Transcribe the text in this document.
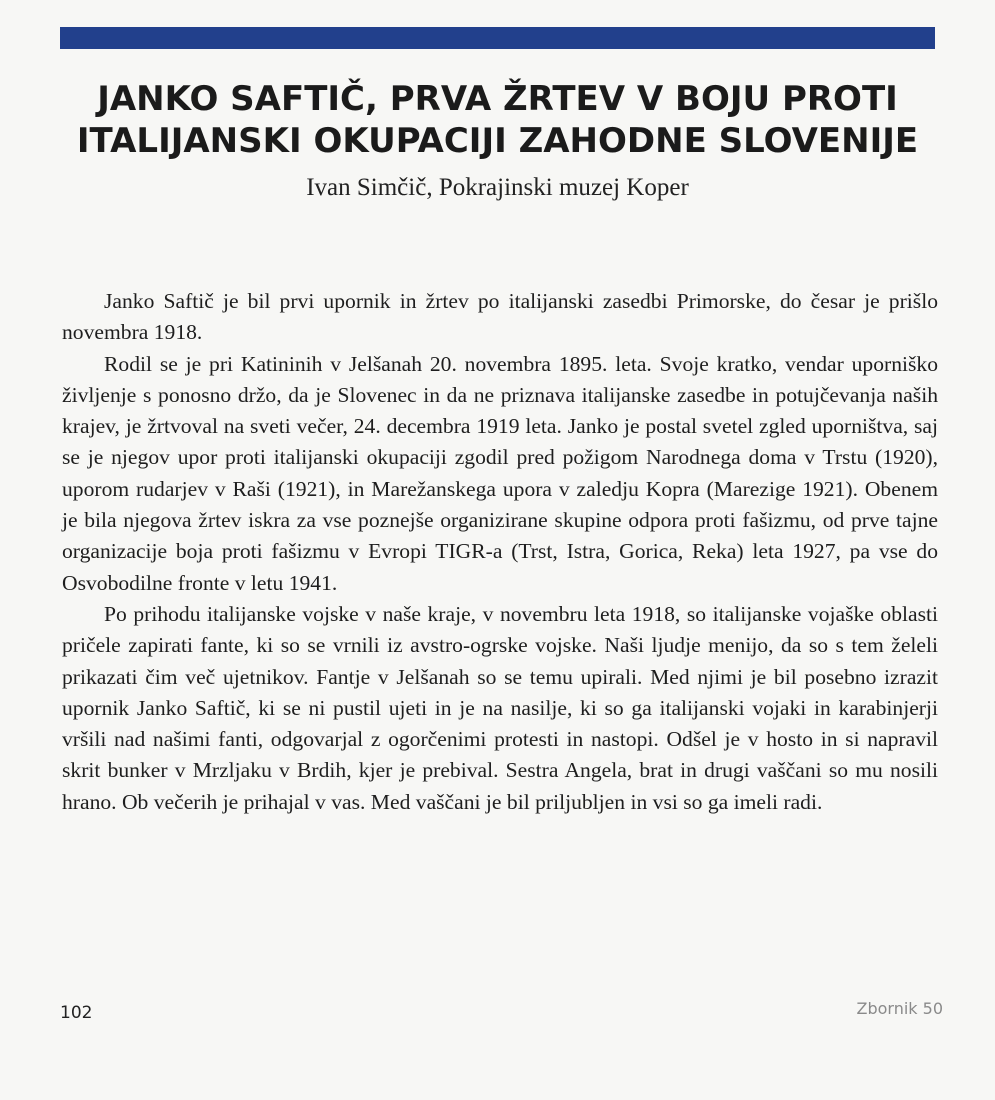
JANKO SAFTIČ, PRVA ŽRTEV V BOJU PROTI
ITALIJANSKI OKUPACIJI ZAHODNE SLOVENIJE
Ivan Simčič, Pokrajinski muzej Koper

Janko Saftič je bil prvi upornik in žrtev po italijanski zasedbi Primorske, do česar je prišlo novembra 1918.

Rodil se je pri Katininih v Jelšanah 20. novembra 1895. leta. Svoje kratko, vendar uporniško življenje s ponosno držo, da je Slovenec in da ne priznava italijanske zasedbe in potujčevanja naših krajev, je žrtvoval na sveti večer, 24. decembra 1919 leta. Janko je postal svetel zgled uporništva, saj se je njegov upor proti italijanski okupaciji zgodil pred požigom Narodnega doma v Trstu (1920), uporom rudarjev v Raši (1921), in Marežanskega upora v zaledju Kopra (Marezige 1921). Obenem je bila njegova žrtev iskra za vse poznejše organizirane skupine odpora proti fašizmu, od prve tajne organizacije boja proti fašizmu v Evropi TIGR-a (Trst, Istra, Gorica, Reka) leta 1927, pa vse do Osvobodilne fronte v letu 1941.

Po prihodu italijanske vojske v naše kraje, v novembru leta 1918, so italijanske vojaške oblasti pričele zapirati fante, ki so se vrnili iz avstro-ogrske vojske. Naši ljudje menijo, da so s tem želeli prikazati čim več ujetnikov. Fantje v Jelšanah so se temu upirali. Med njimi je bil posebno izrazit upornik Janko Saftič, ki se ni pustil ujeti in je na nasilje, ki so ga italijanski vojaki in karabinjerji vršili nad našimi fanti, odgovarjal z ogorčenimi protesti in nastopi. Odšel je v hosto in si napravil skrit bunker v Mrzljaku v Brdih, kjer je prebival. Sestra Angela, brat in drugi vaščani so mu nosili hrano. Ob večerih je prihajal v vas. Med vaščani je bil priljubljen in vsi so ga imeli radi.

102	Zbornik 50
